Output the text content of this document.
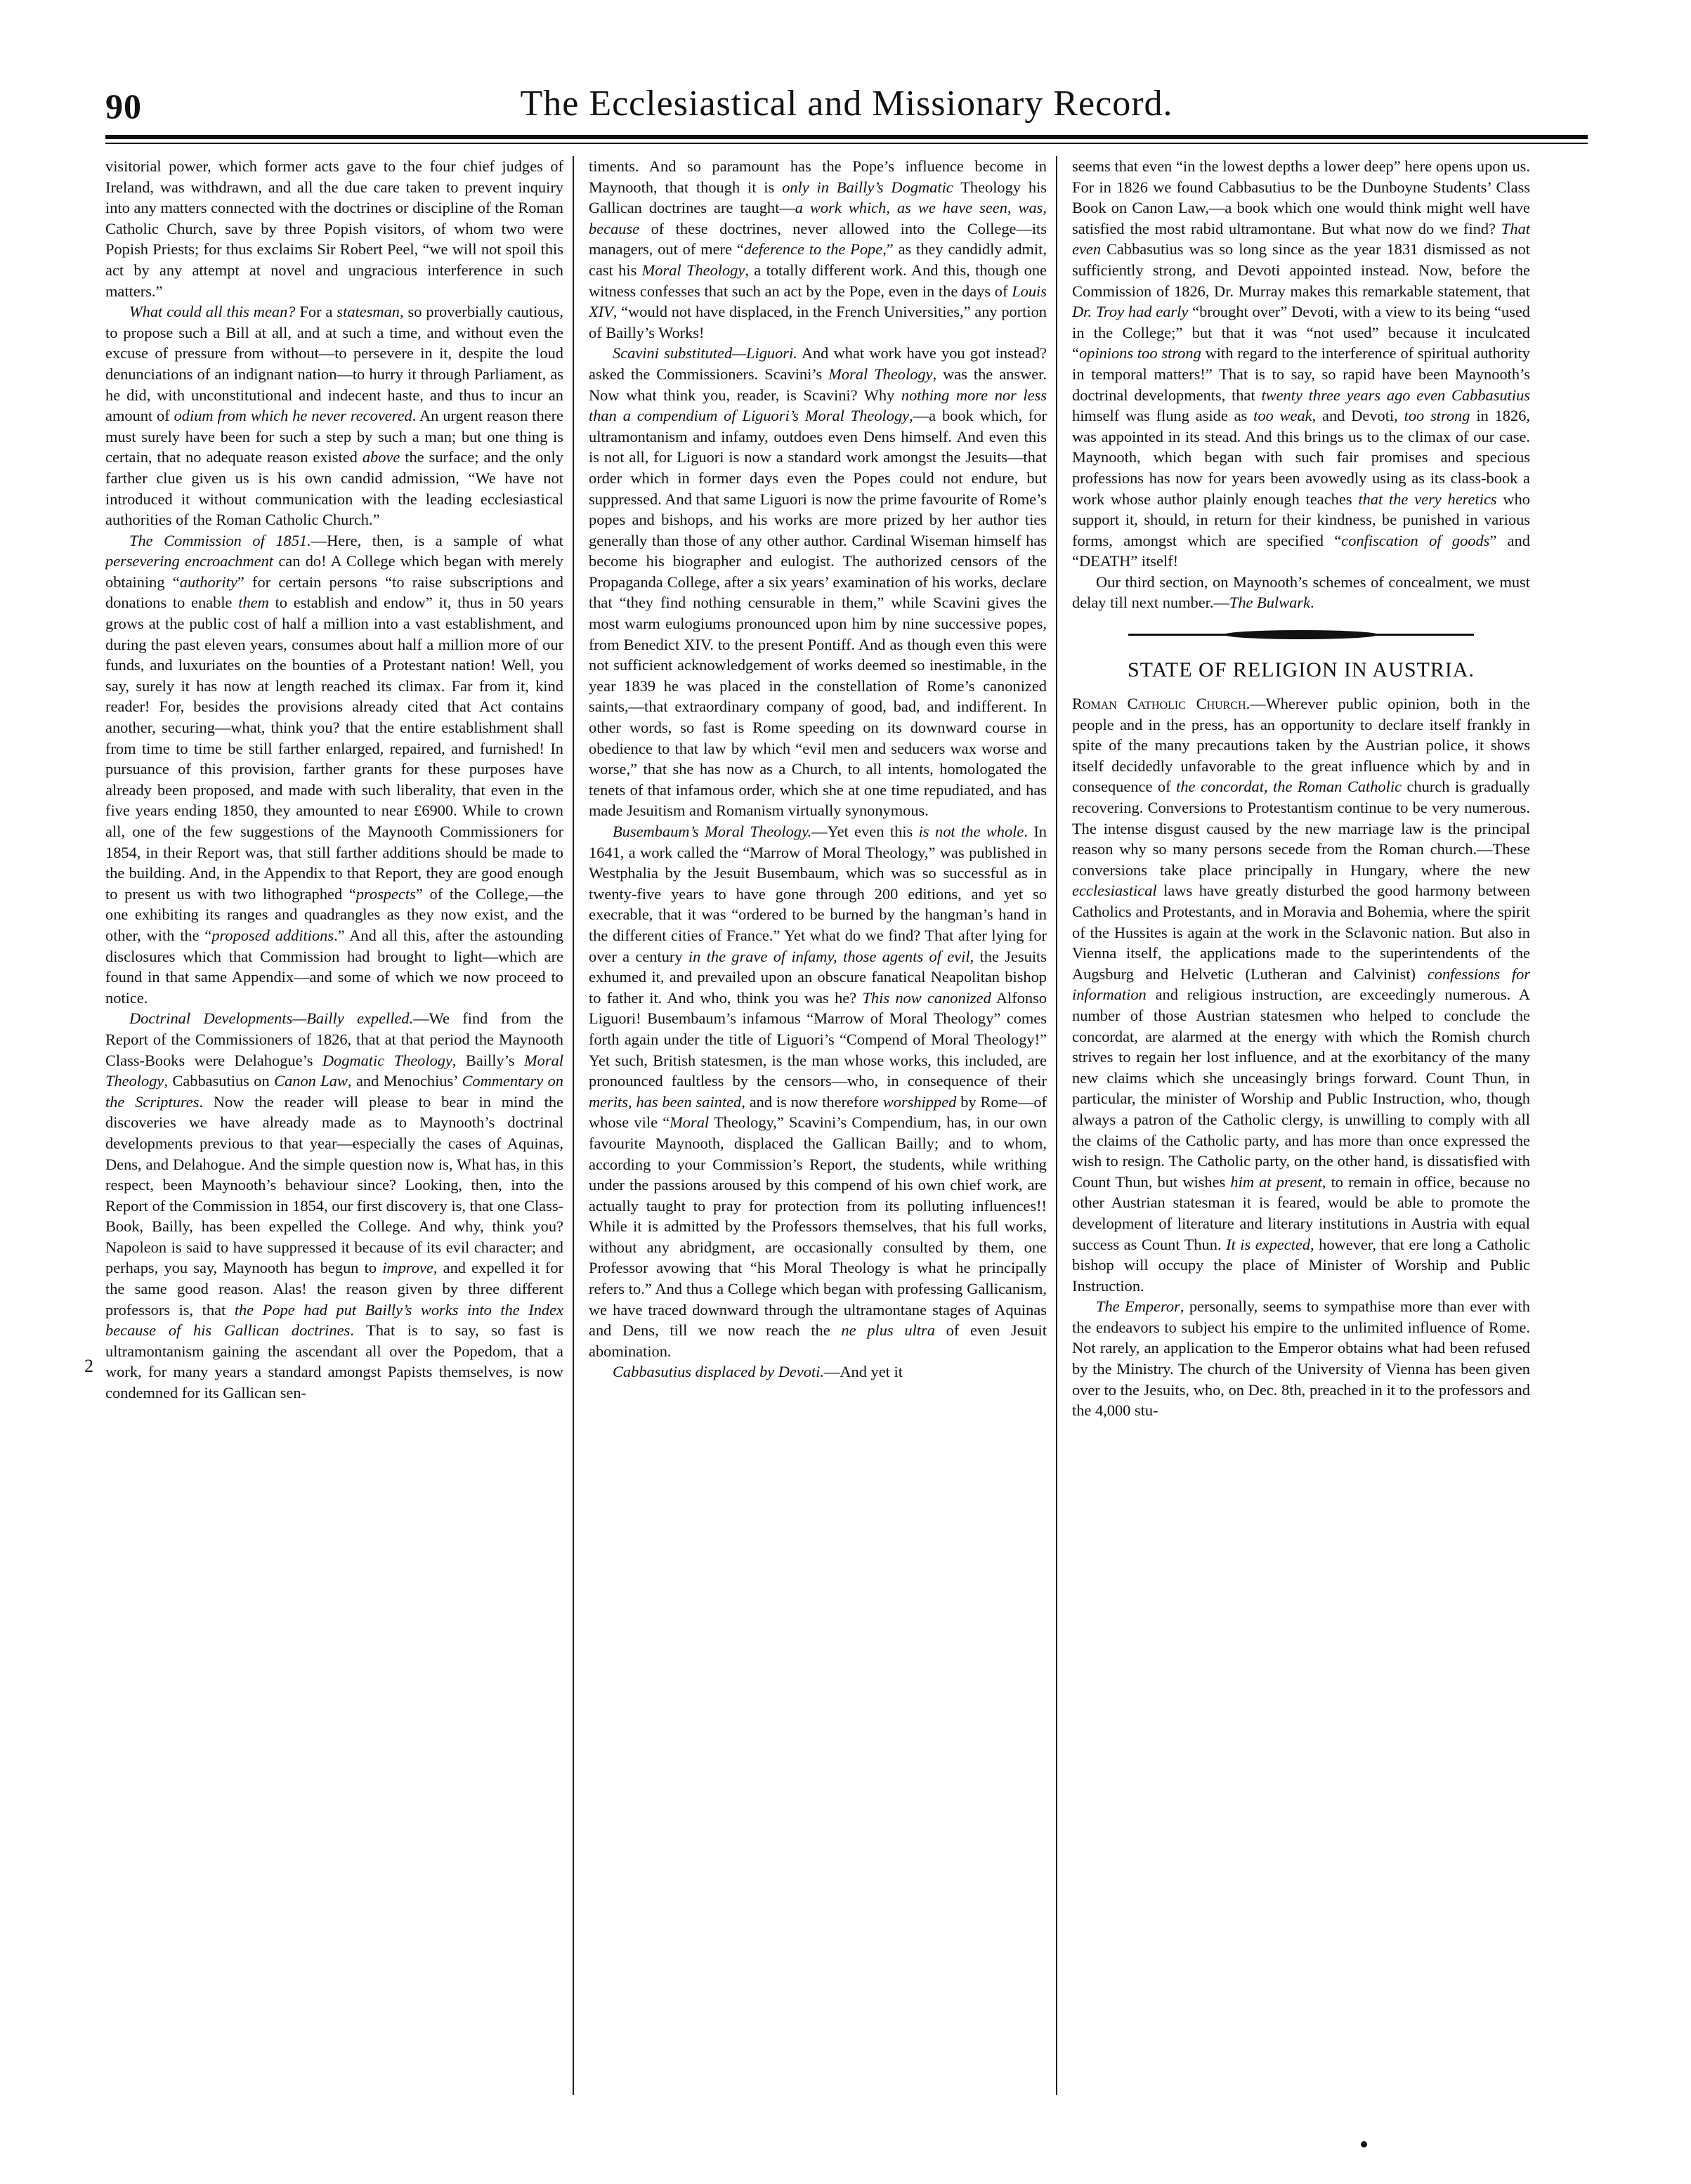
90	The Ecclesiastical and Missionary Record.
2

visitorial power, which former acts gave to the four chief judges of Ireland, was withdrawn, and all the due care taken to prevent inquiry into any matters connected with the doctrines or discipline of the Roman Catholic Church, save by three Popish visitors, of whom two were Popish Priests; for thus exclaims Sir Robert Peel, “we will not spoil this act by any attempt at novel and ungracious interference in such matters.”

What could all this mean? For a statesman, so proverbially cautious, to propose such a Bill at all, and at such a time, and without even the excuse of pressure from without—to persevere in it, despite the loud denunciations of an indignant nation—to hurry it through Parliament, as he did, with unconstitutional and indecent haste, and thus to incur an amount of odium from which he never recovered. An urgent reason there must surely have been for such a step by such a man; but one thing is certain, that no adequate reason existed above the surface; and the only farther clue given us is his own candid admission, “We have not introduced it without communication with the leading ecclesiastical authorities of the Roman Catholic Church.”

The Commission of 1851.—Here, then, is a sample of what persevering encroachment can do! A College which began with merely obtaining “authority” for certain persons “to raise subscriptions and donations to enable them to establish and endow” it, thus in 50 years grows at the public cost of half a million into a vast establishment, and during the past eleven years, consumes about half a million more of our funds, and luxuriates on the bounties of a Protestant nation! Well, you say, surely it has now at length reached its climax. Far from it, kind reader! For, besides the provisions already cited that Act contains another, securing—what, think you? that the entire establishment shall from time to time be still farther enlarged, repaired, and furnished! In pursuance of this provision, farther grants for these purposes have already been proposed, and made with such liberality, that even in the five years ending 1850, they amounted to near £6900. While to crown all, one of the few suggestions of the Maynooth Commissioners for 1854, in their Report was, that still farther additions should be made to the building. And, in the Appendix to that Report, they are good enough to present us with two lithographed “prospects” of the College,—the one exhibiting its ranges and quadrangles as they now exist, and the other, with the “proposed additions.” And all this, after the astounding disclosures which that Commission had brought to light—which are found in that same Appendix—and some of which we now proceed to notice.

Doctrinal Developments—Bailly expelled.—We find from the Report of the Commissioners of 1826, that at that period the Maynooth Class-Books were Delahogue’s Dogmatic Theology, Bailly’s Moral Theology, Cabbasutius on Canon Law, and Menochius’ Commentary on the Scriptures. Now the reader will please to bear in mind the discoveries we have already made as to Maynooth’s doctrinal developments previous to that year—especially the cases of Aquinas, Dens, and Delahogue. And the simple question now is, What has, in this respect, been Maynooth’s behaviour since? Looking, then, into the Report of the Commission in 1854, our first discovery is, that one Class-Book, Bailly, has been expelled the College. And why, think you? Napoleon is said to have suppressed it because of its evil character; and perhaps, you say, Maynooth has begun to improve, and expelled it for the same good reason. Alas! the reason given by three different professors is, that the Pope had put Bailly’s works into the Index because of his Gallican doctrines. That is to say, so fast is ultramontanism gaining the ascendant all over the Popedom, that a work, for many years a standard amongst Papists themselves, is now condemned for its Gallican sen-

timents. And so paramount has the Pope’s influence become in Maynooth, that though it is only in Bailly’s Dogmatic Theology his Gallican doctrines are taught—a work which, as we have seen, was, because of these doctrines, never allowed into the College—its managers, out of mere “deference to the Pope,” as they candidly admit, cast his Moral Theology, a totally different work. And this, though one witness confesses that such an act by the Pope, even in the days of Louis XIV, “would not have displaced, in the French Universities,” any portion of Bailly’s Works!

Scavini substituted—Liguori. And what work have you got instead? asked the Commissioners. Scavini’s Moral Theology, was the answer. Now what think you, reader, is Scavini? Why nothing more nor less than a compendium of Liguori’s Moral Theology,—a book which, for ultramontanism and infamy, outdoes even Dens himself. And even this is not all, for Liguori is now a standard work amongst the Jesuits—that order which in former days even the Popes could not endure, but suppressed. And that same Liguori is now the prime favourite of Rome’s popes and bishops, and his works are more prized by her author ties generally than those of any other author. Cardinal Wiseman himself has become his biographer and eulogist. The authorized censors of the Propaganda College, after a six years’ examination of his works, declare that “they find nothing censurable in them,” while Scavini gives the most warm eulogiums pronounced upon him by nine successive popes, from Benedict XIV. to the present Pontiff. And as though even this were not sufficient acknowledgement of works deemed so inestimable, in the year 1839 he was placed in the constellation of Rome’s canonized saints,—that extraordinary company of good, bad, and indifferent. In other words, so fast is Rome speeding on its downward course in obedience to that law by which “evil men and seducers wax worse and worse,” that she has now as a Church, to all intents, homologated the tenets of that infamous order, which she at one time repudiated, and has made Jesuitism and Romanism virtually synonymous.

Busembaum’s Moral Theology.—Yet even this is not the whole. In 1641, a work called the “Marrow of Moral Theology,” was published in Westphalia by the Jesuit Busembaum, which was so successful as in twenty-five years to have gone through 200 editions, and yet so execrable, that it was “ordered to be burned by the hangman’s hand in the different cities of France.” Yet what do we find? That after lying for over a century in the grave of infamy, those agents of evil, the Jesuits exhumed it, and prevailed upon an obscure fanatical Neapolitan bishop to father it. And who, think you was he? This now canonized Alfonso Liguori! Busembaum’s infamous “Marrow of Moral Theology” comes forth again under the title of Liguori’s “Compend of Moral Theology!” Yet such, British statesmen, is the man whose works, this included, are pronounced faultless by the censors—who, in consequence of their merits, has been sainted, and is now therefore worshipped by Rome—of whose vile “Moral Theology,” Scavini’s Compendium, has, in our own favourite Maynooth, displaced the Gallican Bailly; and to whom, according to your Commission’s Report, the students, while writhing under the passions aroused by this compend of his own chief work, are actually taught to pray for protection from its polluting influences!! While it is admitted by the Professors themselves, that his full works, without any abridgment, are occasionally consulted by them, one Professor avowing that “his Moral Theology is what he principally refers to.” And thus a College which began with professing Gallicanism, we have traced downward through the ultramontane stages of Aquinas and Dens, till we now reach the ne plus ultra of even Jesuit abomination.

Cabbasutius displaced by Devoti.—And yet it

seems that even “in the lowest depths a lower deep” here opens upon us. For in 1826 we found Cabbasutius to be the Dunboyne Students’ Class Book on Canon Law,—a book which one would think might well have satisfied the most rabid ultramontane. But what now do we find? That even Cabbasutius was so long since as the year 1831 dismissed as not sufficiently strong, and Devoti appointed instead. Now, before the Commission of 1826, Dr. Murray makes this remarkable statement, that Dr. Troy had early “brought over” Devoti, with a view to its being “used in the College;” but that it was “not used” because it inculcated “opinions too strong with regard to the interference of spiritual authority in temporal matters!” That is to say, so rapid have been Maynooth’s doctrinal developments, that twenty three years ago even Cabbasutius himself was flung aside as too weak, and Devoti, too strong in 1826, was appointed in its stead. And this brings us to the climax of our case. Maynooth, which began with such fair promises and specious professions has now for years been avowedly using as its class-book a work whose author plainly enough teaches that the very heretics who support it, should, in return for their kindness, be punished in various forms, amongst which are specified “confiscation of goods” and “DEATH” itself!

Our third section, on Maynooth’s schemes of concealment, we must delay till next number.—The Bulwark.

STATE OF RELIGION IN AUSTRIA.

Roman Catholic Church.—Wherever public opinion, both in the people and in the press, has an opportunity to declare itself frankly in spite of the many precautions taken by the Austrian police, it shows itself decidedly unfavorable to the great influence which by and in consequence of the concordat, the Roman Catholic church is gradually recovering. Conversions to Protestantism continue to be very numerous. The intense disgust caused by the new marriage law is the principal reason why so many persons secede from the Roman church.—These conversions take place principally in Hungary, where the new ecclesiastical laws have greatly disturbed the good harmony between Catholics and Protestants, and in Moravia and Bohemia, where the spirit of the Hussites is again at the work in the Sclavonic nation. But also in Vienna itself, the applications made to the superintendents of the Augsburg and Helvetic (Lutheran and Calvinist) confessions for information and religious instruction, are exceedingly numerous. A number of those Austrian statesmen who helped to conclude the concordat, are alarmed at the energy with which the Romish church strives to regain her lost influence, and at the exorbitancy of the many new claims which she unceasingly brings forward. Count Thun, in particular, the minister of Worship and Public Instruction, who, though always a patron of the Catholic clergy, is unwilling to comply with all the claims of the Catholic party, and has more than once expressed the wish to resign. The Catholic party, on the other hand, is dissatisfied with Count Thun, but wishes him at present, to remain in office, because no other Austrian statesman it is feared, would be able to promote the development of literature and literary institutions in Austria with equal success as Count Thun. It is expected, however, that ere long a Catholic bishop will occupy the place of Minister of Worship and Public Instruction.

The Emperor, personally, seems to sympathise more than ever with the endeavors to subject his empire to the unlimited influence of Rome. Not rarely, an application to the Emperor obtains what had been refused by the Ministry. The church of the University of Vienna has been given over to the Jesuits, who, on Dec. 8th, preached in it to the professors and the 4,000 stu-
